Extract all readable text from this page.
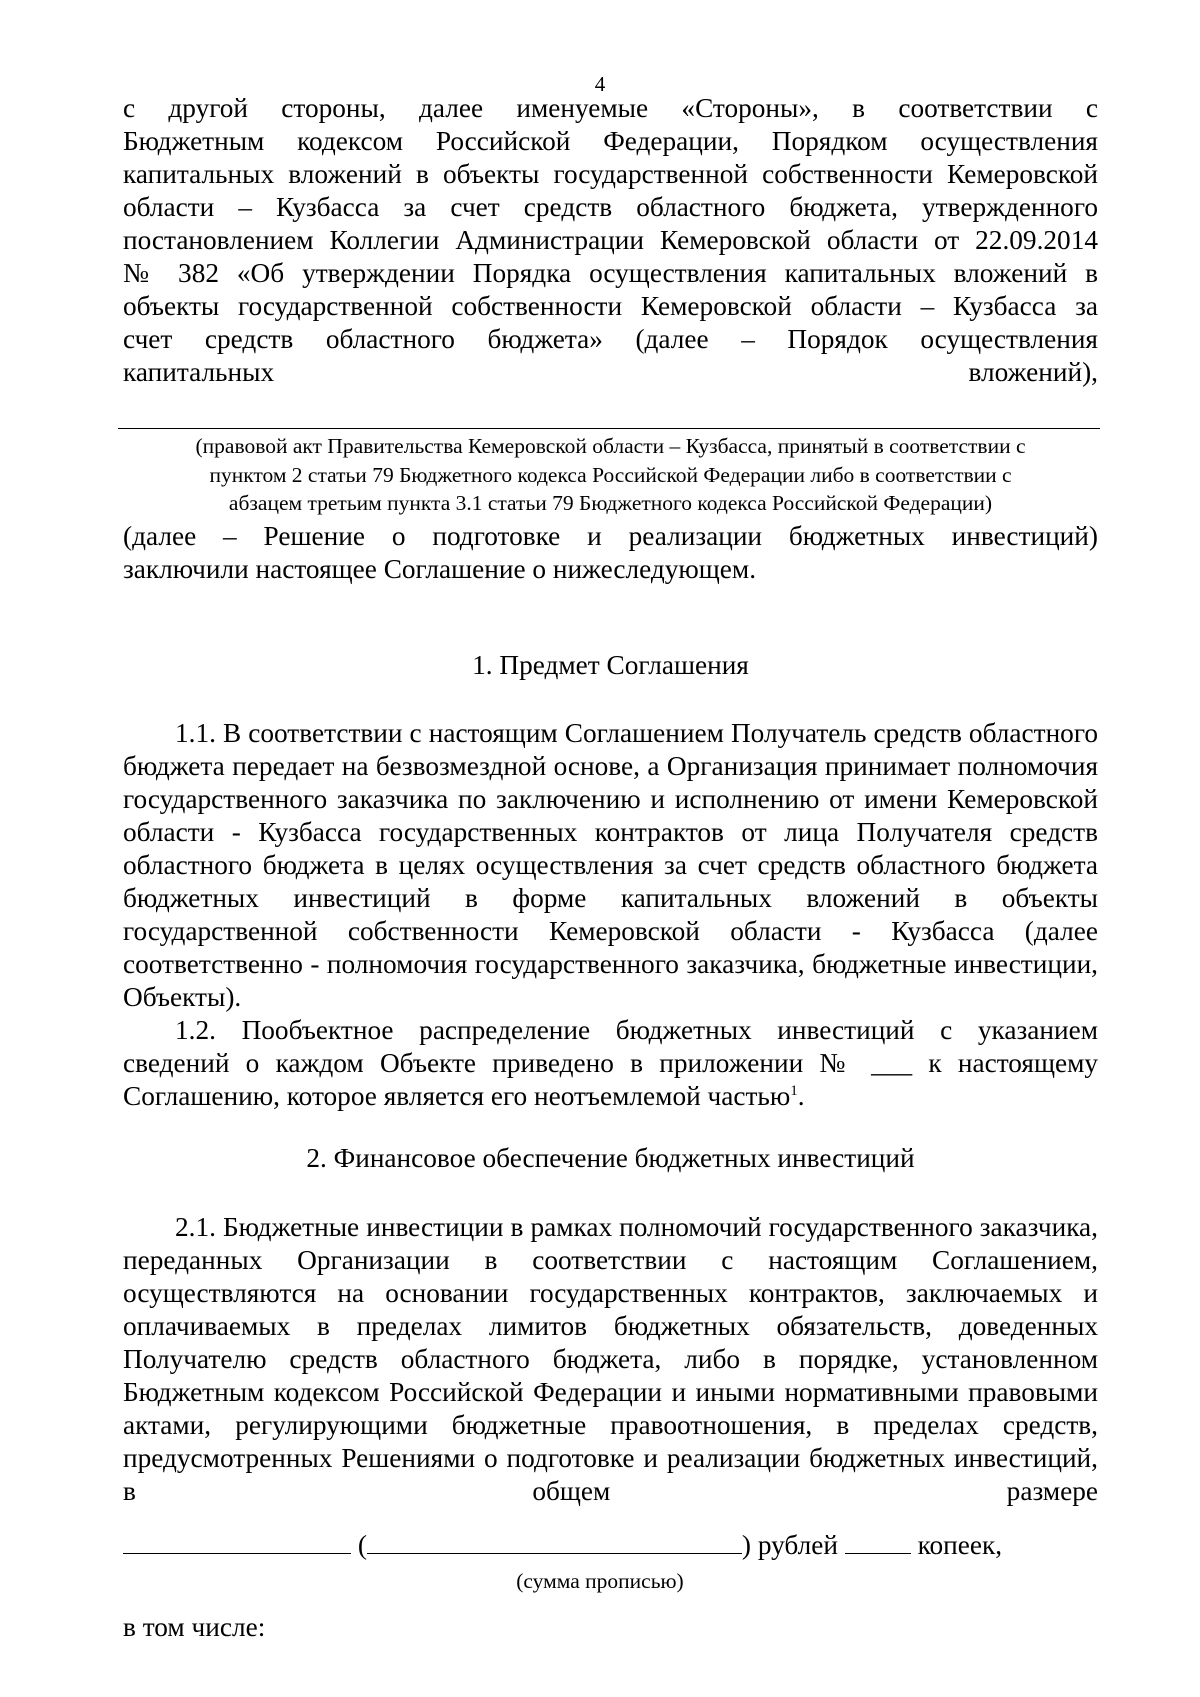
4

с другой стороны, далее именуемые «Стороны», в соответствии с

Бюджетным кодексом Российской Федерации, Порядком осуществления

капитальных вложений в объекты государственной собственности Кемеровской

области – Кузбасса за счет средств областного бюджета, утвержденного

постановлением Коллегии Администрации Кемеровской области от 22.09.2014

№ 382 «Об утверждении Порядка осуществления капитальных вложений в

объекты государственной собственности Кемеровской области – Кузбасса за

счет средств областного бюджета» (далее – Порядок осуществления

капитальных вложений),

(правовой акт Правительства Кемеровской области – Кузбасса, принятый в соответствии с
пунктом 2 статьи 79 Бюджетного кодекса Российской Федерации либо в соответствии с
абзацем третьим пункта 3.1 статьи 79 Бюджетного кодекса Российской Федерации)

(далее – Решение о подготовке и реализации бюджетных инвестиций)

заключили настоящее Соглашение о нижеследующем.

1. Предмет Соглашения

1.1. В соответствии с настоящим Соглашением Получатель средств областного бюджета передает на безвозмездной основе, а Организация принимает полномочия государственного заказчика по заключению и исполнению от имени Кемеровской области - Кузбасса государственных контрактов от лица Получателя средств областного бюджета в целях осуществления за счет средств областного бюджета бюджетных инвестиций в форме капитальных вложений в объекты государственной собственности Кемеровской области - Кузбасса (далее соответственно - полномочия государственного заказчика, бюджетные инвестиции, Объекты).

1.2. Пообъектное распределение бюджетных инвестиций с указанием сведений о каждом Объекте приведено в приложении № ___ к настоящему Соглашению, которое является его неотъемлемой частью$^1$.

2. Финансовое обеспечение бюджетных инвестиций

2.1. Бюджетные инвестиции в рамках полномочий государственного заказчика, переданных Организации в соответствии с настоящим Соглашением, осуществляются на основании государственных контрактов, заключаемых и оплачиваемых в пределах лимитов бюджетных обязательств, доведенных Получателю средств областного бюджета, либо в порядке, установленном Бюджетным кодексом Российской Федерации и иными нормативными правовыми актами, регулирующими бюджетные правоотношения, в пределах средств, предусмотренных Решениями о подготовке и реализации бюджетных инвестиций, в общем размере

(	) рублей	копеек,
(сумма прописью)
в том числе:
